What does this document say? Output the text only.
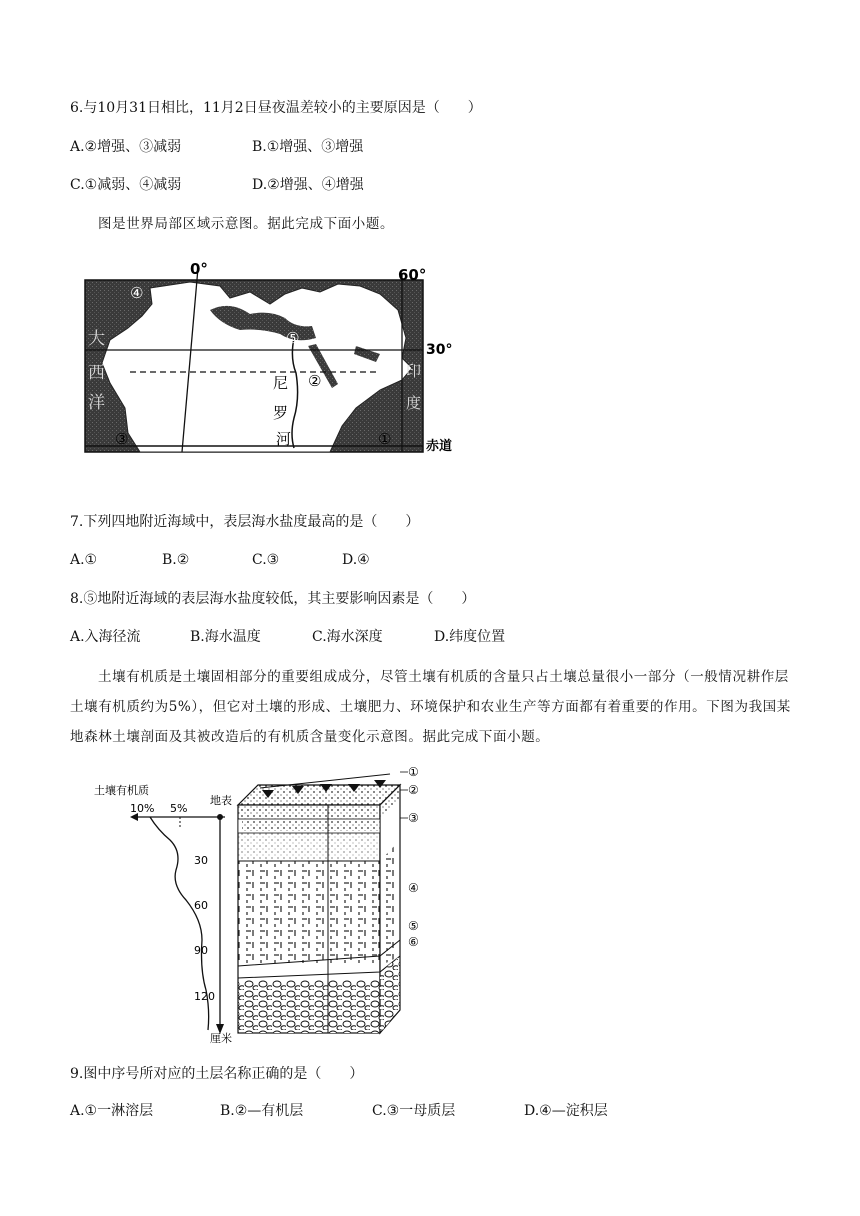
6.与10月31日相比，11月2日昼夜温差较小的主要原因是（　　）
A.②增强、③减弱	B.①增强、③增强
C.①减弱、④减弱	D.②增强、④增强
图是世界局部区域示意图。据此完成下面小题。
0°	60°
30°
赤道
尼
罗
河
大
西
洋
印
度
①
②
③
④
⑤
7.下列四地附近海域中，表层海水盐度最高的是（　　）
A.①	B.②	C.③	D.④
8.⑤地附近海域的表层海水盐度较低，其主要影响因素是（　　）
A.入海径流	B.海水温度	C.海水深度	D.纬度位置
土壤有机质是土壤固相部分的重要组成成分，尽管土壤有机质的含量只占土壤总量很小一部分（一般情况耕作层土壤有机质约为5%），但它对土壤的形成、土壤肥力、环境保护和农业生产等方面都有着重要的作用。下图为我国某地森林土壤剖面及其被改造后的有机质含量变化示意图。据此完成下面小题。
土壤有机质
10% 5%
地表
30
60
90
120
厘米
①
②
③
④
⑤
⑥
9.图中序号所对应的土层名称正确的是（　　）
A.①一淋溶层	B.②—有机层	C.③一母质层	D.④—淀积层
